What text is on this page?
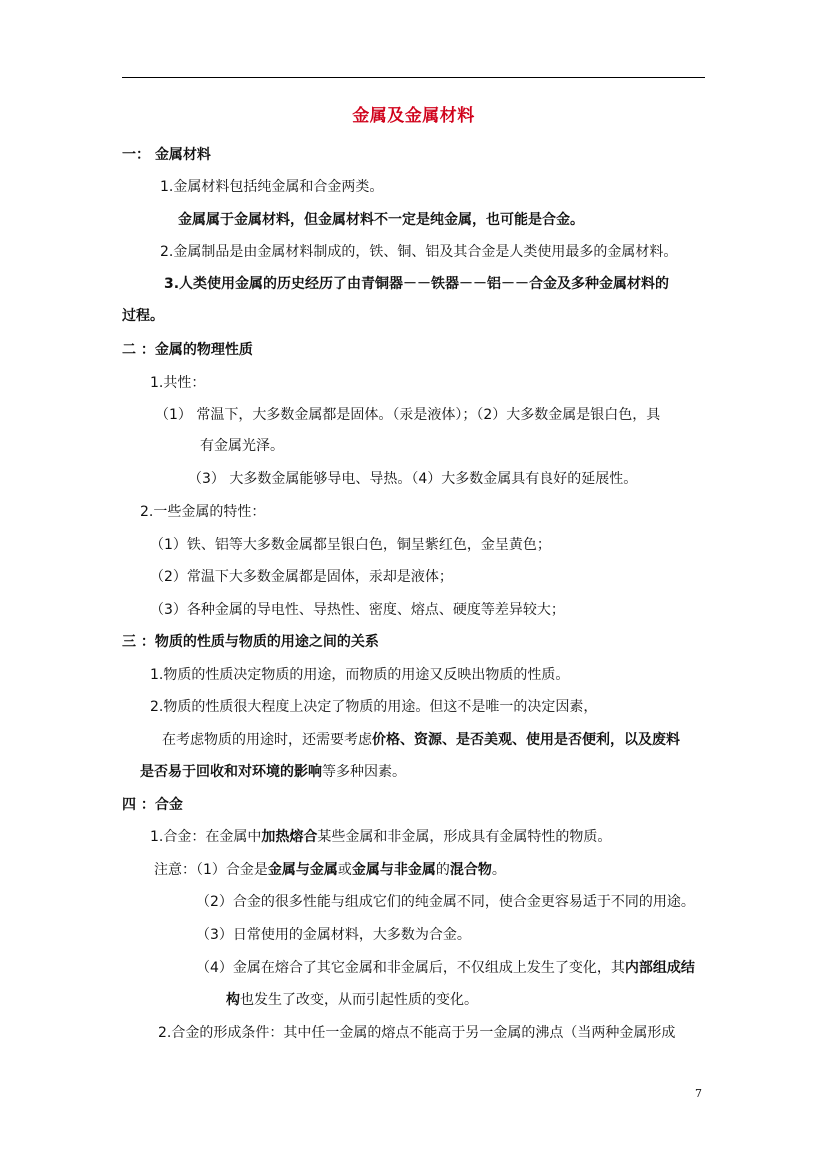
金属及金属材料
一： 金属材料
1.金属材料包括纯金属和合金两类。
金属属于金属材料，但金属材料不一定是纯金属，也可能是合金。
2.金属制品是由金属材料制成的，铁、铜、铝及其合金是人类使用最多的金属材料。
3.人类使用金属的历史经历了由青铜器－－铁器－－铝－－合金及多种金属材料的
过程。
二 ：金属的物理性质
1.共性：
（1） 常温下，大多数金属都是固体。（汞是液体）；（2）大多数金属是银白色，具
有金属光泽。
（3） 大多数金属能够导电、导热。（4）大多数金属具有良好的延展性。
2.一些金属的特性：
（1）铁、铝等大多数金属都呈银白色，铜呈紫红色，金呈黄色；
（2）常温下大多数金属都是固体，汞却是液体；
（3）各种金属的导电性、导热性、密度、熔点、硬度等差异较大；
三 ：物质的性质与物质的用途之间的关系
1.物质的性质决定物质的用途，而物质的用途又反映出物质的性质。
2.物质的性质很大程度上决定了物质的用途。但这不是唯一的决定因素，
在考虑物质的用途时，还需要考虑价格、资源、是否美观、使用是否便利，以及废料
是否易于回收和对环境的影响等多种因素。
四 ：合金
1.合金：在金属中加热熔合某些金属和非金属，形成具有金属特性的物质。
注意：（1）合金是金属与金属或金属与非金属的混合物。
（2）合金的很多性能与组成它们的纯金属不同，使合金更容易适于不同的用途。
（3）日常使用的金属材料，大多数为合金。
（4）金属在熔合了其它金属和非金属后，不仅组成上发生了变化，其内部组成结
构也发生了改变，从而引起性质的变化。
2.合金的形成条件：其中任一金属的熔点不能高于另一金属的沸点（当两种金属形成
7
